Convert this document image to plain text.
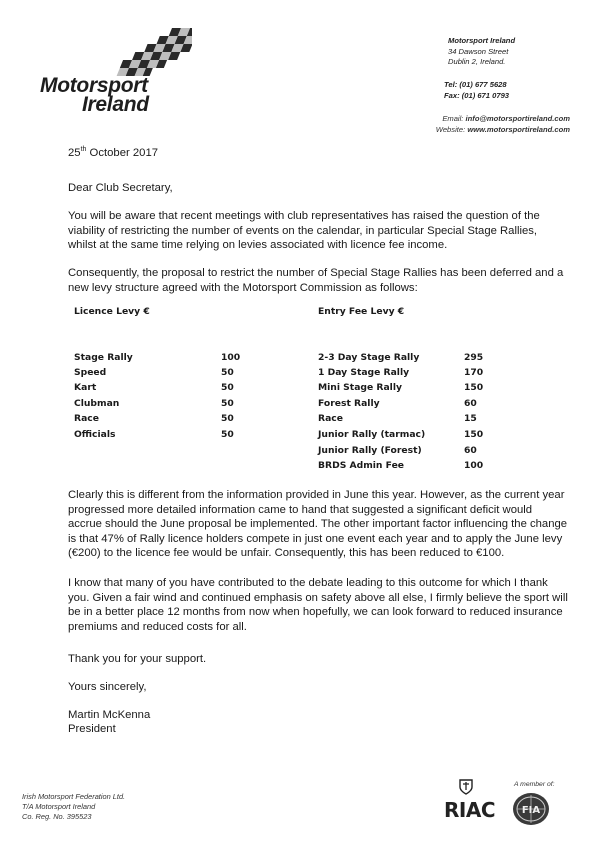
Motorsport
Ireland
Motorsport Ireland
34 Dawson Street
Dublin 2, Ireland.
Tel: (01) 677 5628
Fax: (01) 671 0793
Email: info@motorsportireland.com
Website: www.motorsportireland.com
25th October 2017
Dear Club Secretary,
You will be aware that recent meetings with club representatives has raised the question of the viability of restricting the number of events on the calendar, in particular Special Stage Rallies, whilst at the same time relying on levies associated with licence fee income.
Consequently, the proposal to restrict the number of Special Stage Rallies has been deferred and a new levy structure agreed with the Motorsport Commission as follows:
Licence Levy €
Stage Rally	100
Speed	50
Kart	50
Clubman	50
Race	50
Officials	50
Entry Fee Levy €
2-3 Day Stage Rally	295
1 Day Stage Rally	170
Mini Stage Rally	150
Forest Rally	60
Race	15
Junior Rally (tarmac)	150
Junior Rally (Forest)	60
BRDS Admin Fee	100
Clearly this is different from the information provided in June this year. However, as the current year progressed more detailed information came to hand that suggested a significant deficit would accrue should the June proposal be implemented. The other important factor influencing the change is that 47% of Rally licence holders compete in just one event each year and to apply the June levy (€200) to the licence fee would be unfair. Consequently, this has been reduced to €100.
I know that many of you have contributed to the debate leading to this outcome for which I thank you. Given a fair wind and continued emphasis on safety above all else, I firmly believe the sport will be in a better place 12 months from now when hopefully, we can look forward to reduced insurance premiums and reduced costs for all.
Thank you for your support.
Yours sincerely,
Martin McKenna
President
Irish Motorsport Federation Ltd.
T/A Motorsport Ireland
Co. Reg. No. 395523	RIAC
A member of:
FIA
